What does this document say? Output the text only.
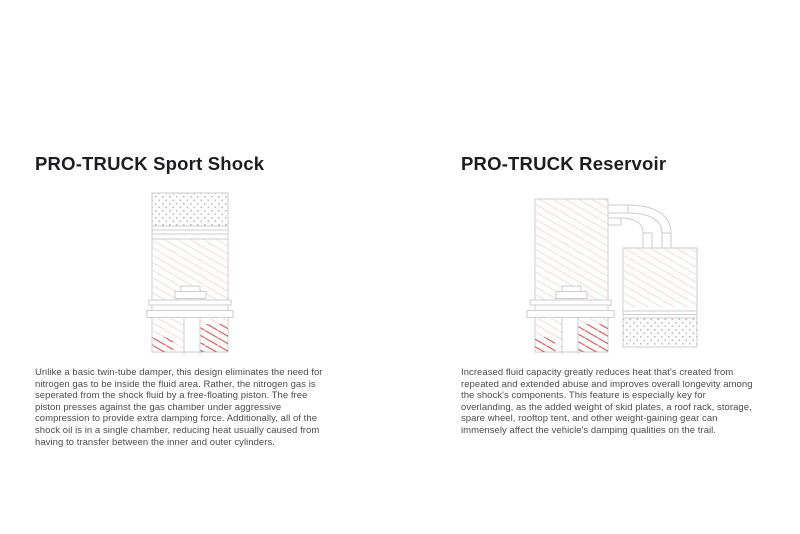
PRO-TRUCK Sport Shock
Unlike a basic twin-tube damper, this design eliminates the need for
nitrogen gas to be inside the fluid area. Rather, the nitrogen gas is
seperated from the shock fluid by a free-floating piston. The free
piston presses against the gas chamber under aggressive
compression to provide extra damping force. Additionally, all of the
shock oil is in a single chamber, reducing heat usually caused from
having to transfer between the inner and outer cylinders.
PRO-TRUCK Reservoir
Increased fluid capacity greatly reduces heat that's created from
repeated and extended abuse and improves overall longevity among
the shock's components. This feature is especially key for
overlanding, as the added weight of skid plates, a roof rack, storage,
spare wheel, rooftop tent, and other weight-gaining gear can
immensely affect the vehicle's damping qualities on the trail.
